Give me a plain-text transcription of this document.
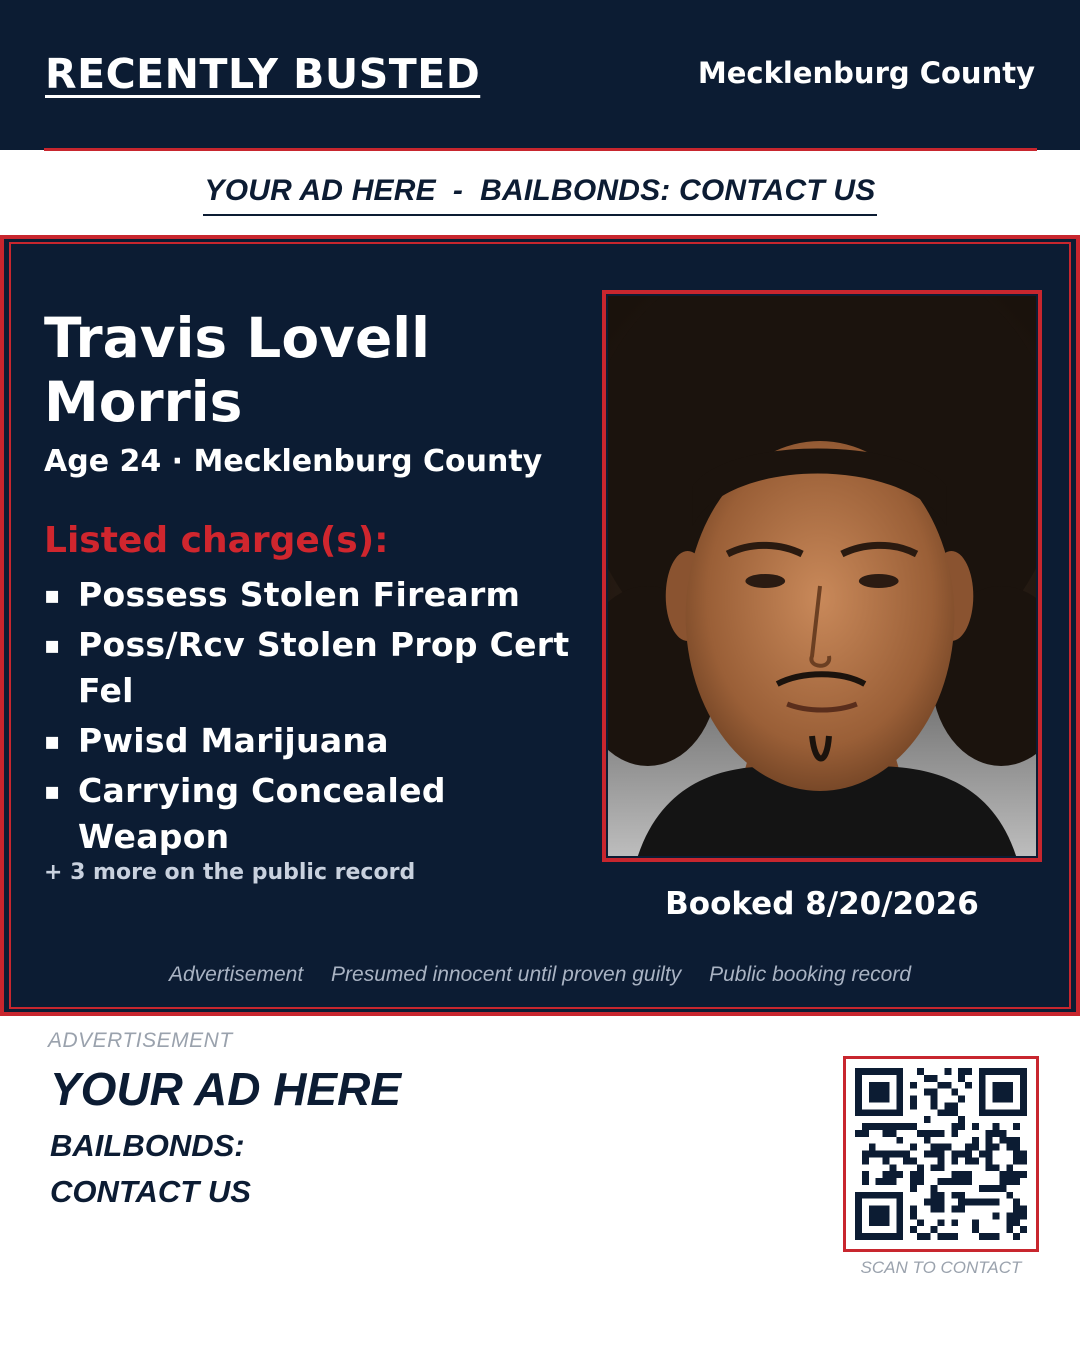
RECENTLY BUSTED	Mecklenburg County
YOUR AD HERE  -  BAILBONDS: CONTACT US
Travis Lovell
Morris
Age 24 · Mecklenburg County
Listed charge(s):
▪ Possess Stolen Firearm
▪ Poss/Rcv Stolen Prop Cert Fel
▪ Pwisd Marijuana
▪ Carrying Concealed Weapon
+ 3 more on the public record
Booked 8/20/2026
Advertisement Presumed innocent until proven guilty Public booking record
ADVERTISEMENT
YOUR AD HERE
BAILBONDS:
CONTACT US
SCAN TO CONTACT
